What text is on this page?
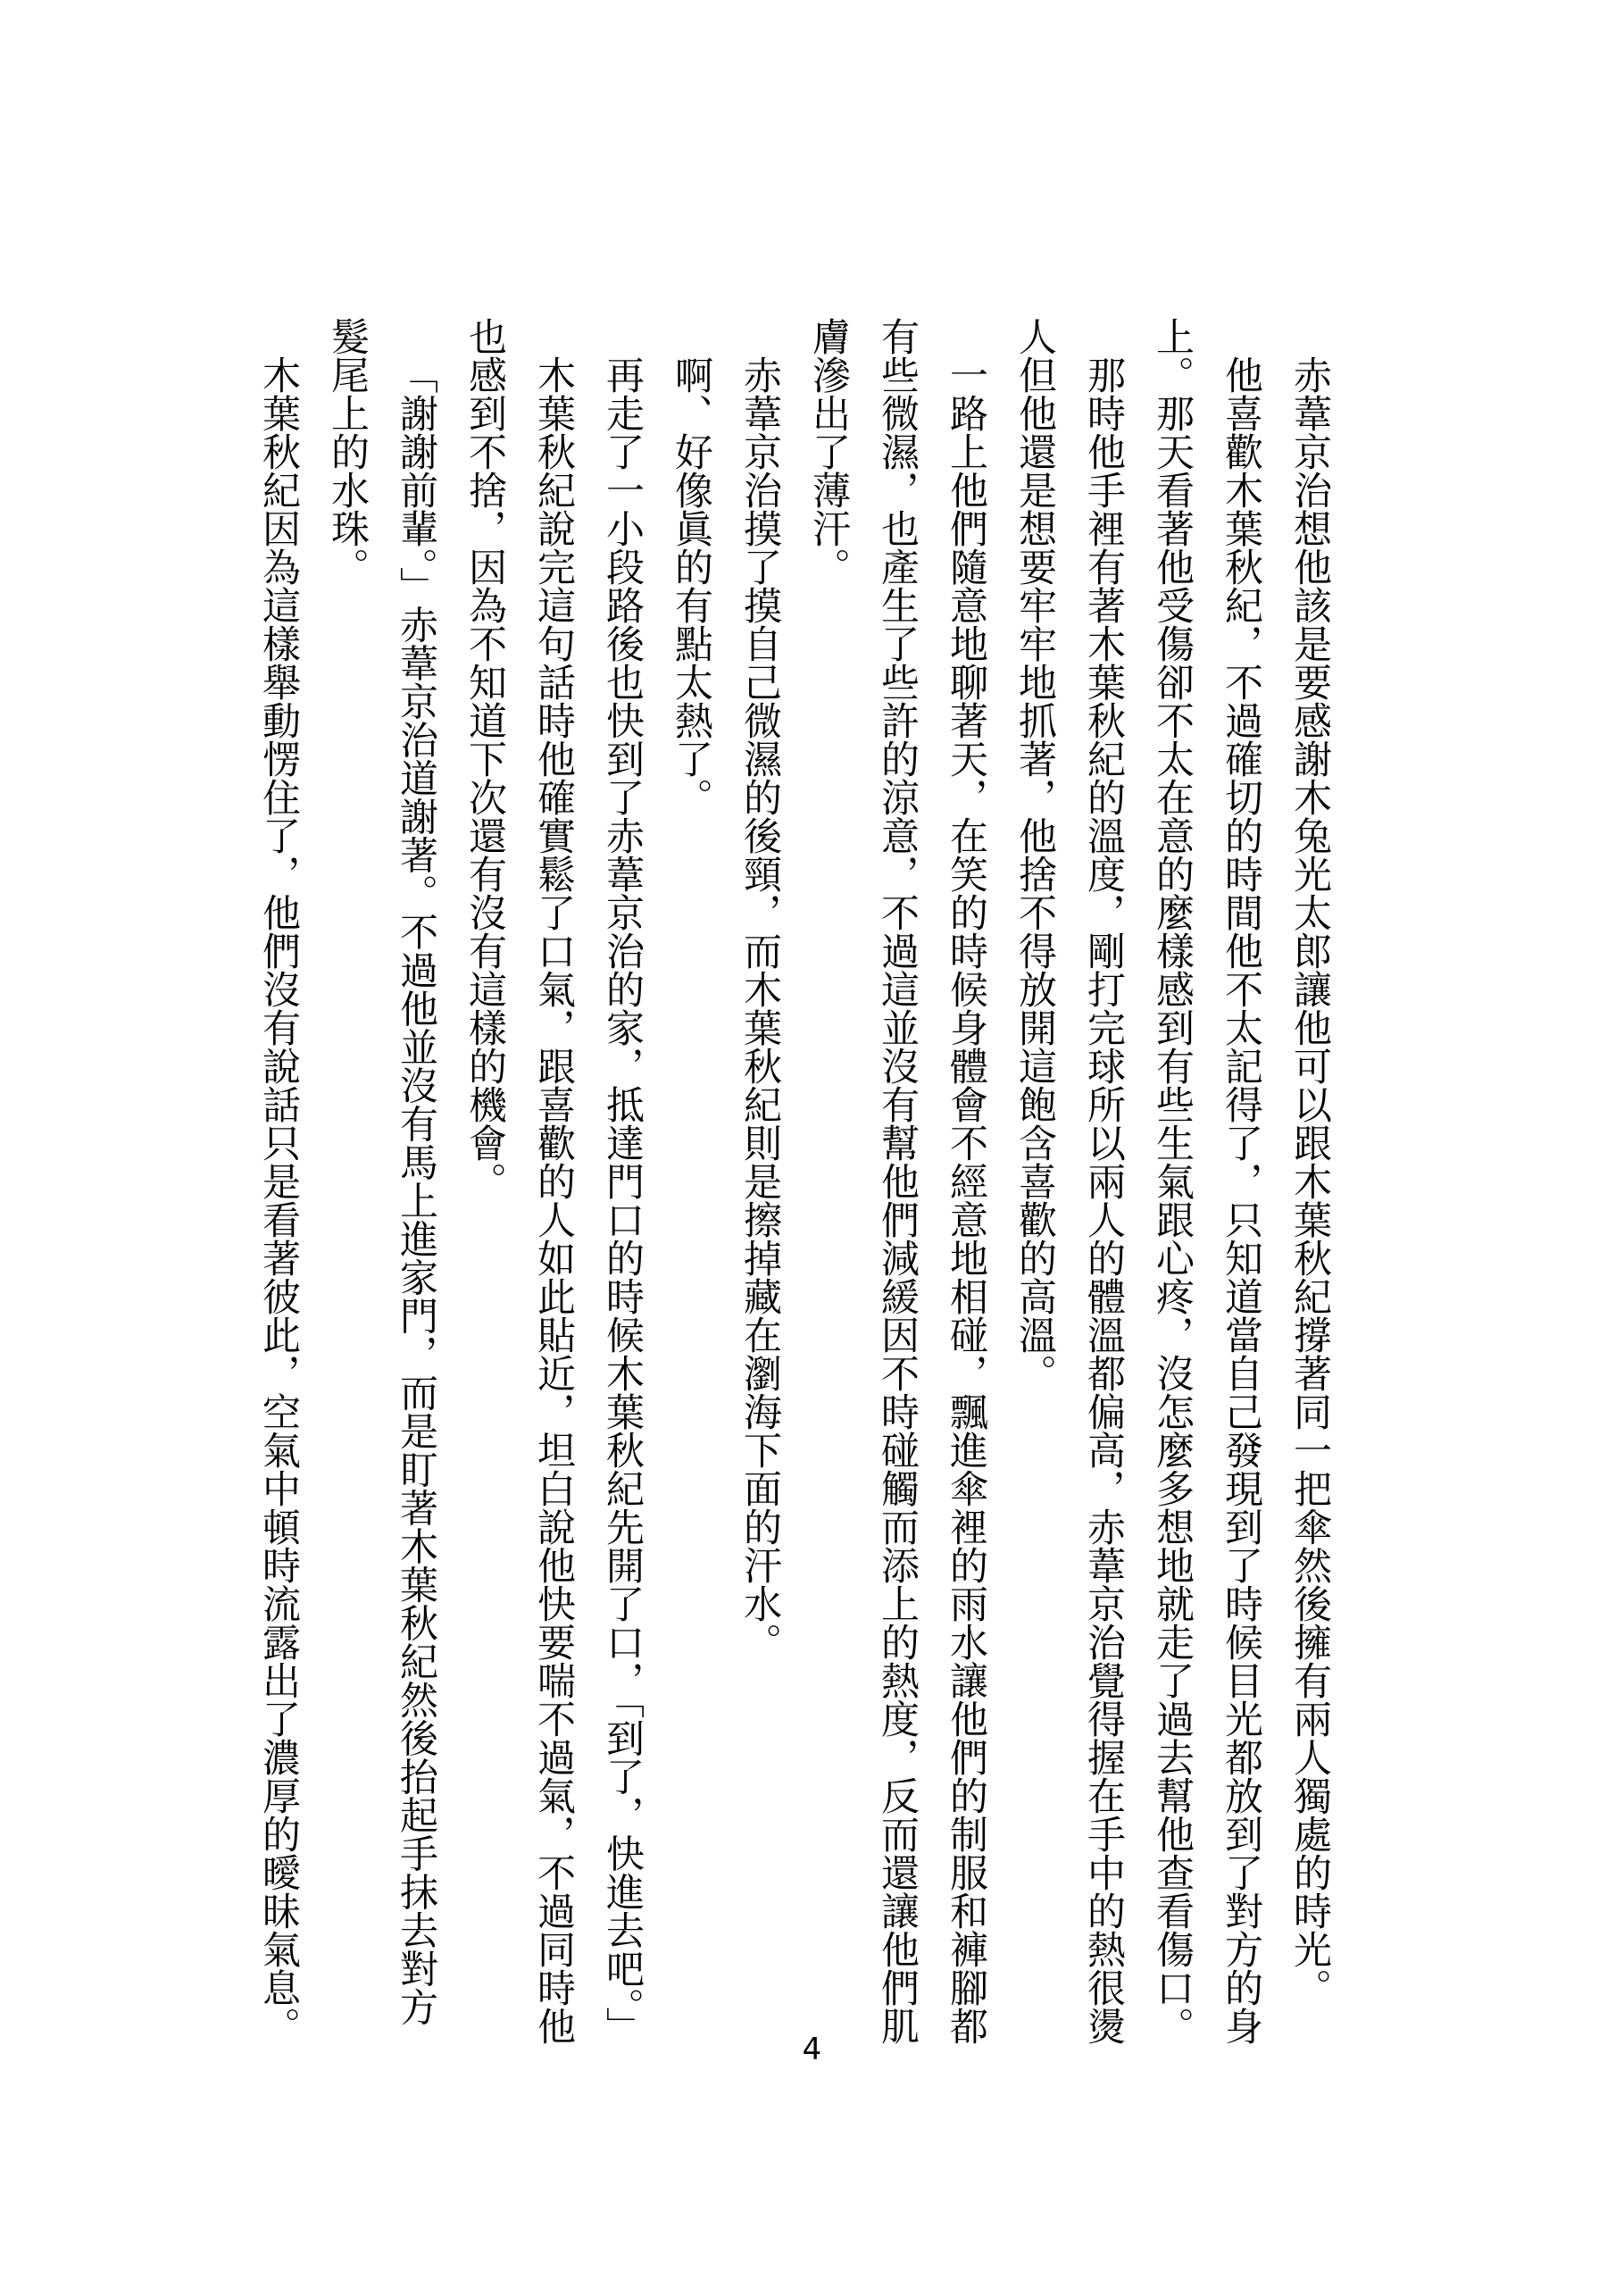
赤葦京治想他該是要感謝木兔光太郎讓他可以跟木葉秋紀撐著同一把傘然後擁有兩人獨處的時光。

他喜歡木葉秋紀，不過確切的時間他不太記得了，只知道當自己發現到了時候目光都放到了對方的身上。那天看著他受傷卻不太在意的麼樣感到有些生氣跟心疼，沒怎麼多想地就走了過去幫他查看傷口。

那時他手裡有著木葉秋紀的溫度，剛打完球所以兩人的體溫都偏高，赤葦京治覺得握在手中的熱很燙人但他還是想要牢牢地抓著，他捨不得放開這飽含喜歡的高溫。

一路上他們隨意地聊著天，在笑的時候身體會不經意地相碰，飄進傘裡的雨水讓他們的制服和褲腳都有些微濕，也產生了些許的涼意，不過這並沒有幫他們減緩因不時碰觸而添上的熱度，反而還讓他們肌膚滲出了薄汗。

赤葦京治摸了摸自己微濕的後頸，而木葉秋紀則是擦掉藏在瀏海下面的汗水。

啊、好像眞的有點太熱了。

再走了一小段路後也快到了赤葦京治的家，抵達門口的時候木葉秋紀先開了口，「到了，快進去吧。」

木葉秋紀說完這句話時他確實鬆了口氣，跟喜歡的人如此貼近，坦白說他快要喘不過氣，不過同時他也感到不捨，因為不知道下次還有沒有這樣的機會。

「謝謝前輩。」赤葦京治道謝著。不過他並沒有馬上進家門，而是盯著木葉秋紀然後抬起手抹去對方髮尾上的水珠。

木葉秋紀因為這樣舉動愣住了，他們沒有說話只是看著彼此，空氣中頓時流露出了濃厚的曖昧氣息。

4
